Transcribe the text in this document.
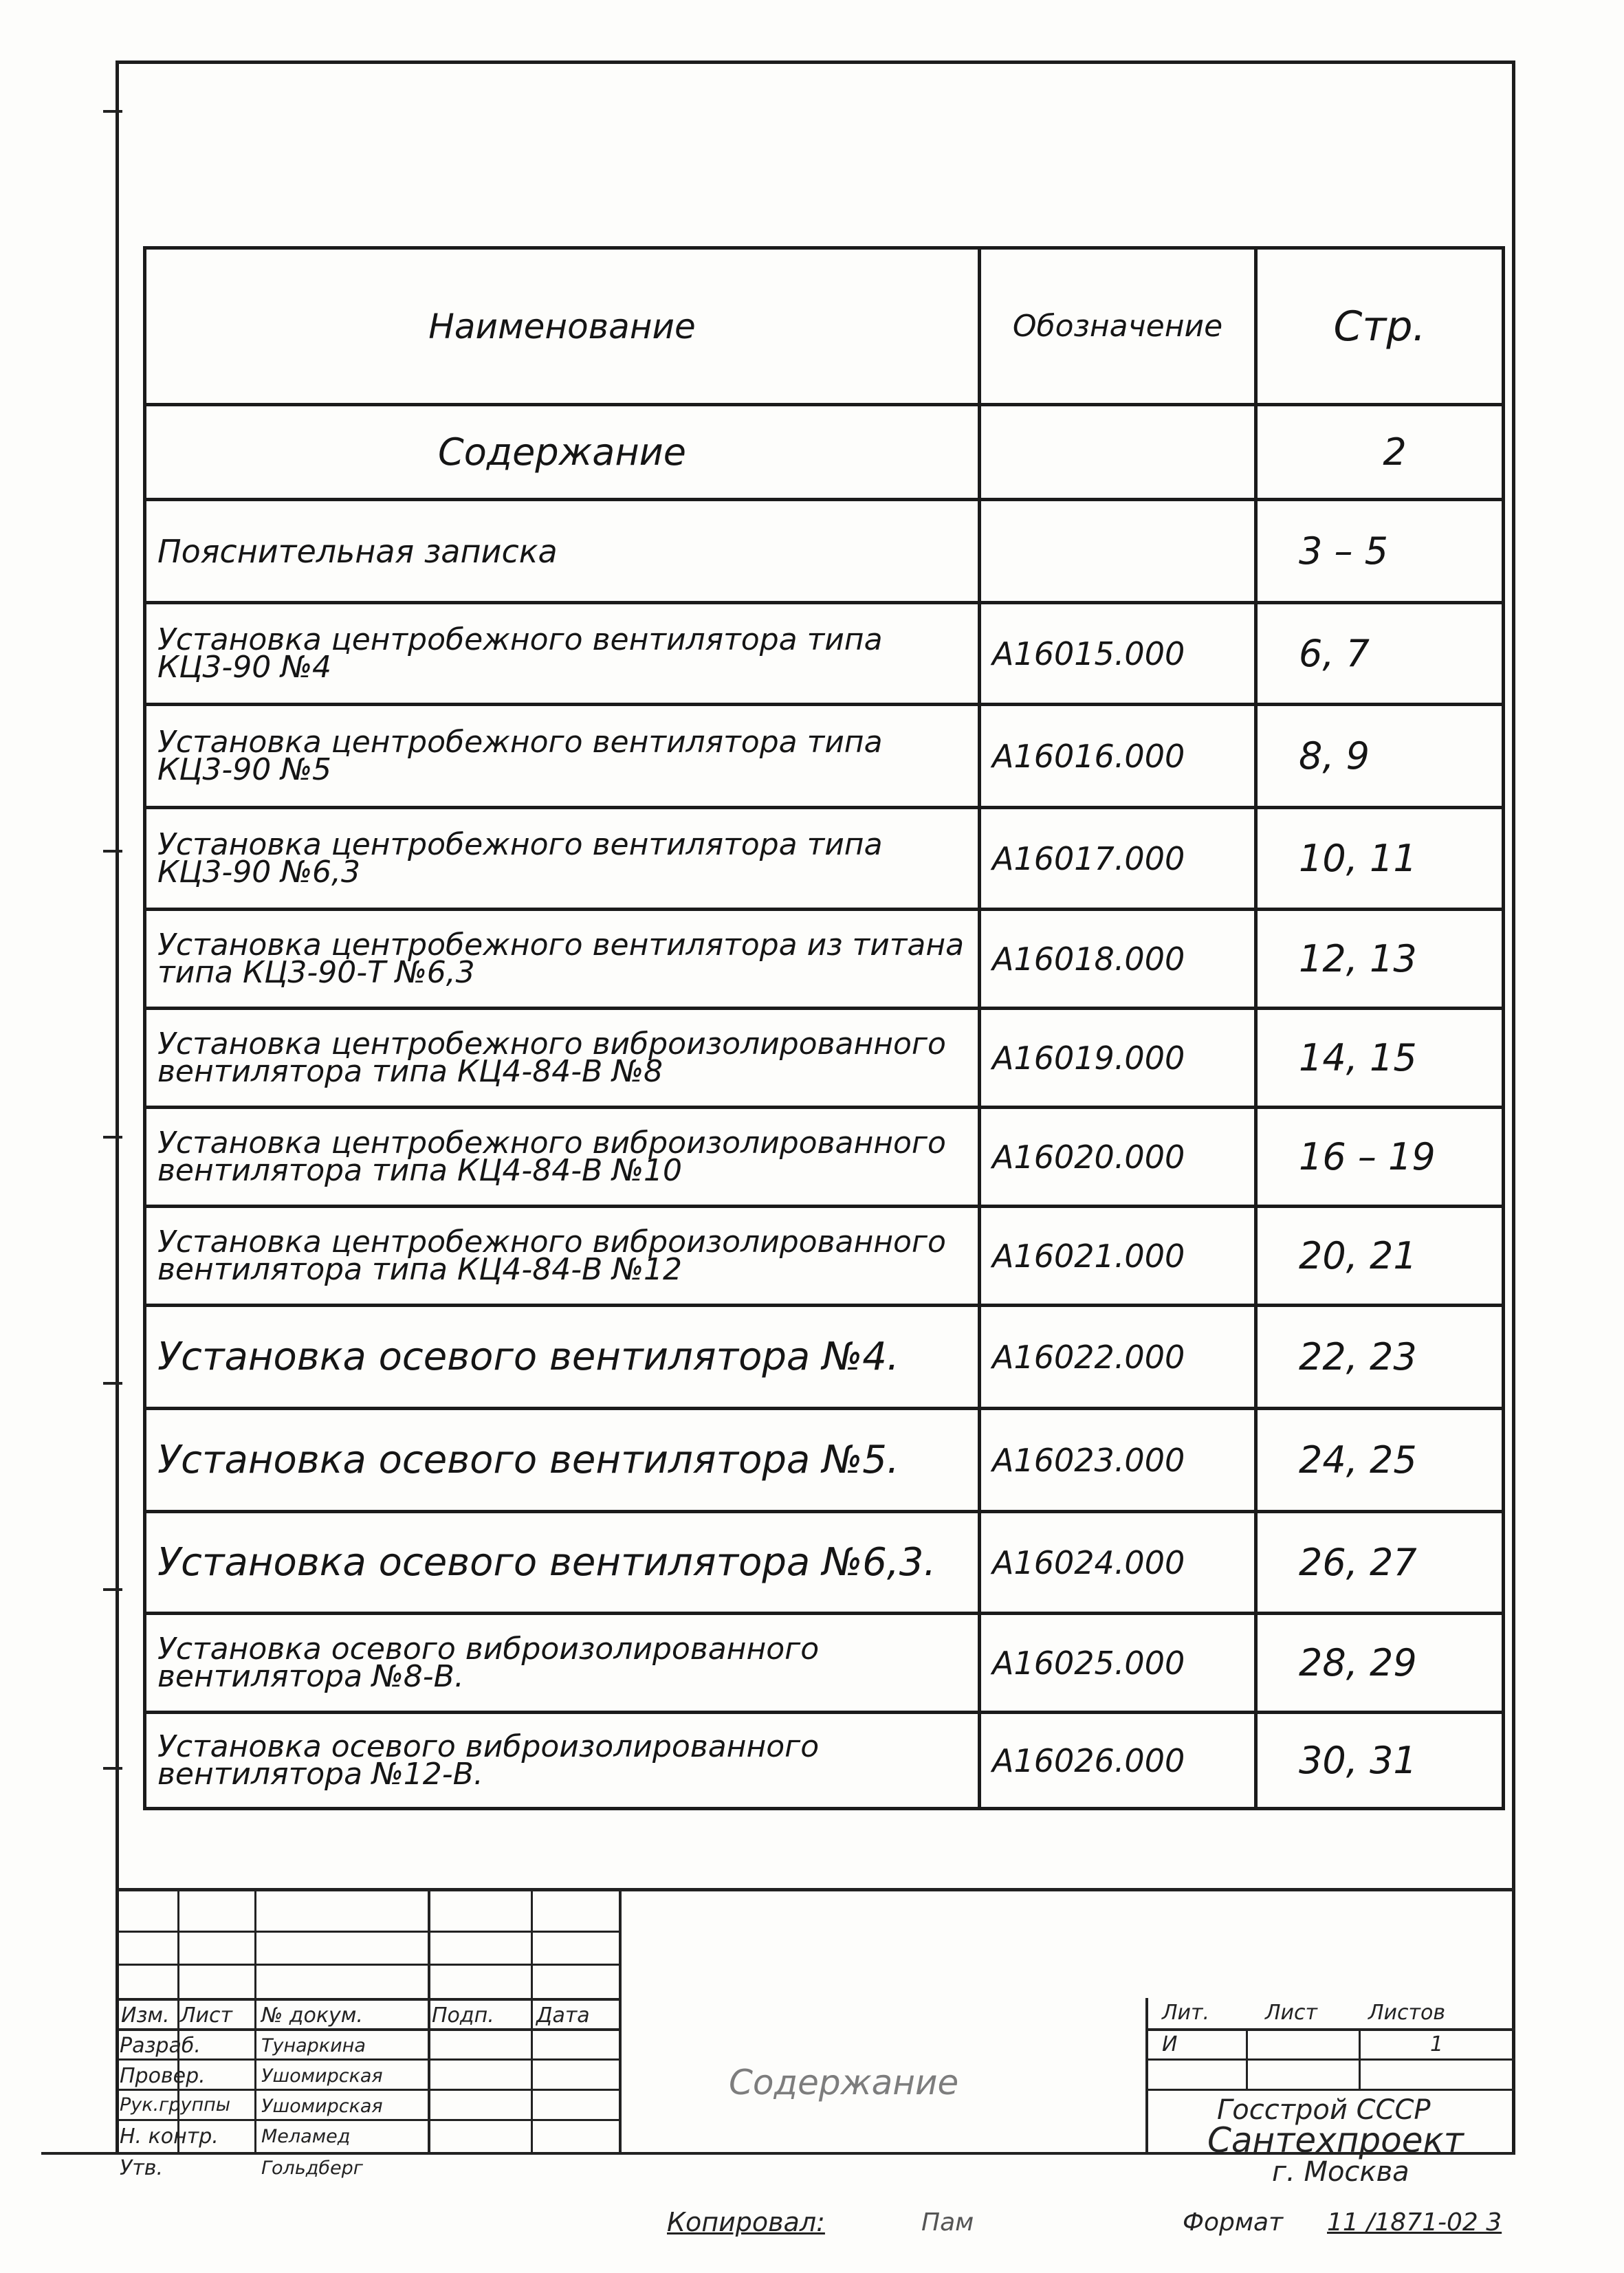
Наименование	Обозначение	Стр.
Содержание		2
Пояснительная записка		3 – 5
Установка центробежного вентилятора типа КЦ3-90 №4	А16015.000	6, 7
Установка центробежного вентилятора типа КЦ3-90 №5	А16016.000	8, 9
Установка центробежного вентилятора типа КЦ3-90 №6,3	А16017.000	10, 11
Установка центробежного вентилятора из титана типа КЦ3-90-Т №6,3	А16018.000	12, 13
Установка центробежного виброизолированного вентилятора типа КЦ4-84-В №8	А16019.000	14, 15
Установка центробежного виброизолированного вентилятора типа КЦ4-84-В №10	А16020.000	16 – 19
Установка центробежного виброизолированного вентилятора типа КЦ4-84-В №12	А16021.000	20, 21
Установка осевого вентилятора №4.	А16022.000	22, 23
Установка осевого вентилятора №5.	А16023.000	24, 25
Установка осевого вентилятора №6,3.	А16024.000	26, 27
Установка осевого виброизолированного вентилятора №8-В.	А16025.000	28, 29
Установка осевого виброизолированного вентилятора №12-В.	А16026.000	30, 31
Изм. Лист № докум.	Подп. Дата
Разраб.	Тунаркина
Провер.	Ушомирская
Рук.группы Ушомирская
Н. контр. Меламед
Утв.	Гольдберг
Содержание
Лит.	Лист Листов
И	1
Госстрой СССР
Сантехпроект
г. Москва
Копировал:	Пам	Формат 11 /1871-02 3
